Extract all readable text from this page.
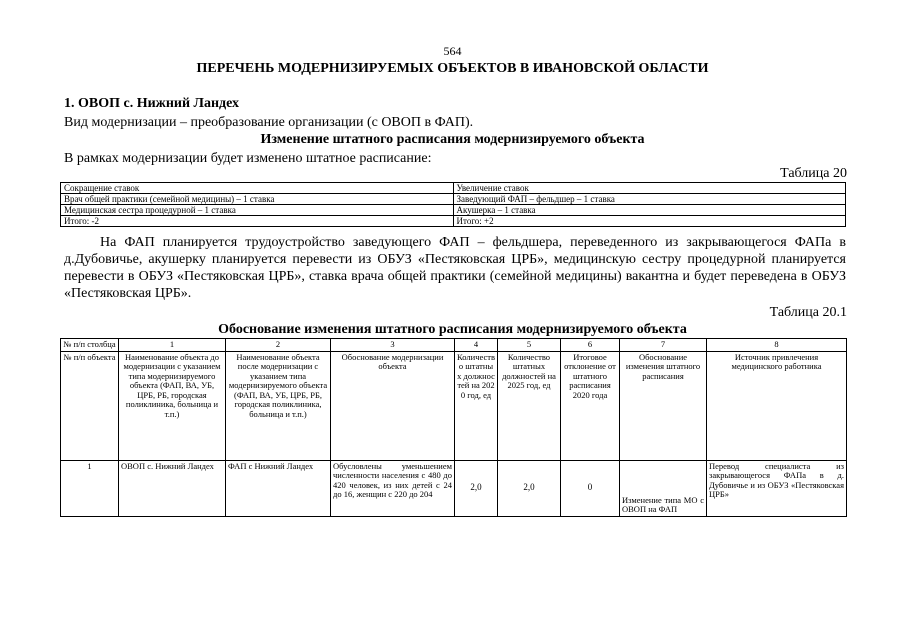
564
ПЕРЕЧЕНЬ МОДЕРНИЗИРУЕМЫХ ОБЪЕКТОВ В ИВАНОВСКОЙ ОБЛАСТИ
1. ОВОП с. Нижний Ландех
Вид модернизации – преобразование организации (с ОВОП в ФАП).
Изменение штатного расписания модернизируемого объекта
В рамках модернизации будет изменено штатное расписание:
Таблица 20
Сокращение ставок	Увеличение ставок
Врач общей практики (семейной медицины) – 1 ставка	Заведующий ФАП – фельдшер – 1 ставка
Медицинская сестра процедурной – 1 ставка	Акушерка – 1 ставка
Итого: -2	Итого: +2

На ФАП планируется трудоустройство заведующего ФАП – фельдшера, переведенного из закрывающегося ФАПа в д.Дубовичье, акушерку планируется перевести из ОБУЗ «Пестяковская ЦРБ», медицинскую сестру процедурной планируется перевести в ОБУЗ «Пестяковская ЦРБ», ставка врача общей практики (семейной медицины) вакантна и будет переведена в ОБУЗ «Пестяковская ЦРБ».

Таблица 20.1
Обоснование изменения штатного расписания модернизируемого объекта
№ п/п столбца	1	2	3	4	5	6	7	8
№ п/п объекта	Наименование объекта до модернизации с указанием типа модернизируемого объекта (ФАП, ВА, УБ, ЦРБ, РБ, городская поликлиника, больница и т.п.)	Наименование объекта после модернизации с указанием типа модернизируемого объекта (ФАП, ВА, УБ, ЦРБ, РБ, городская поликлиника, больница и т.п.)	Обоснование модернизации объекта	Количество штатных должностей на 2020 год, ед	Количество штатных должностей на 2025 год, ед	Итоговое отклонение от штатного расписания 2020 года	Обоснование изменения штатного расписания	Источник привлечения медицинского работника
1	ОВОП с. Нижний Ландех	ФАП с Нижний Ландех	Обусловлены уменьшением численности населения с 480 до 420 человек, из них детей с 24 до 16, женщин с 220 до 204	2,0	2,0	0	Изменение типа МО с ОВОП на ФАП	Перевод специалиста из закрывающегося ФАПа в д. Дубовичье и из ОБУЗ «Пестяковская ЦРБ»
